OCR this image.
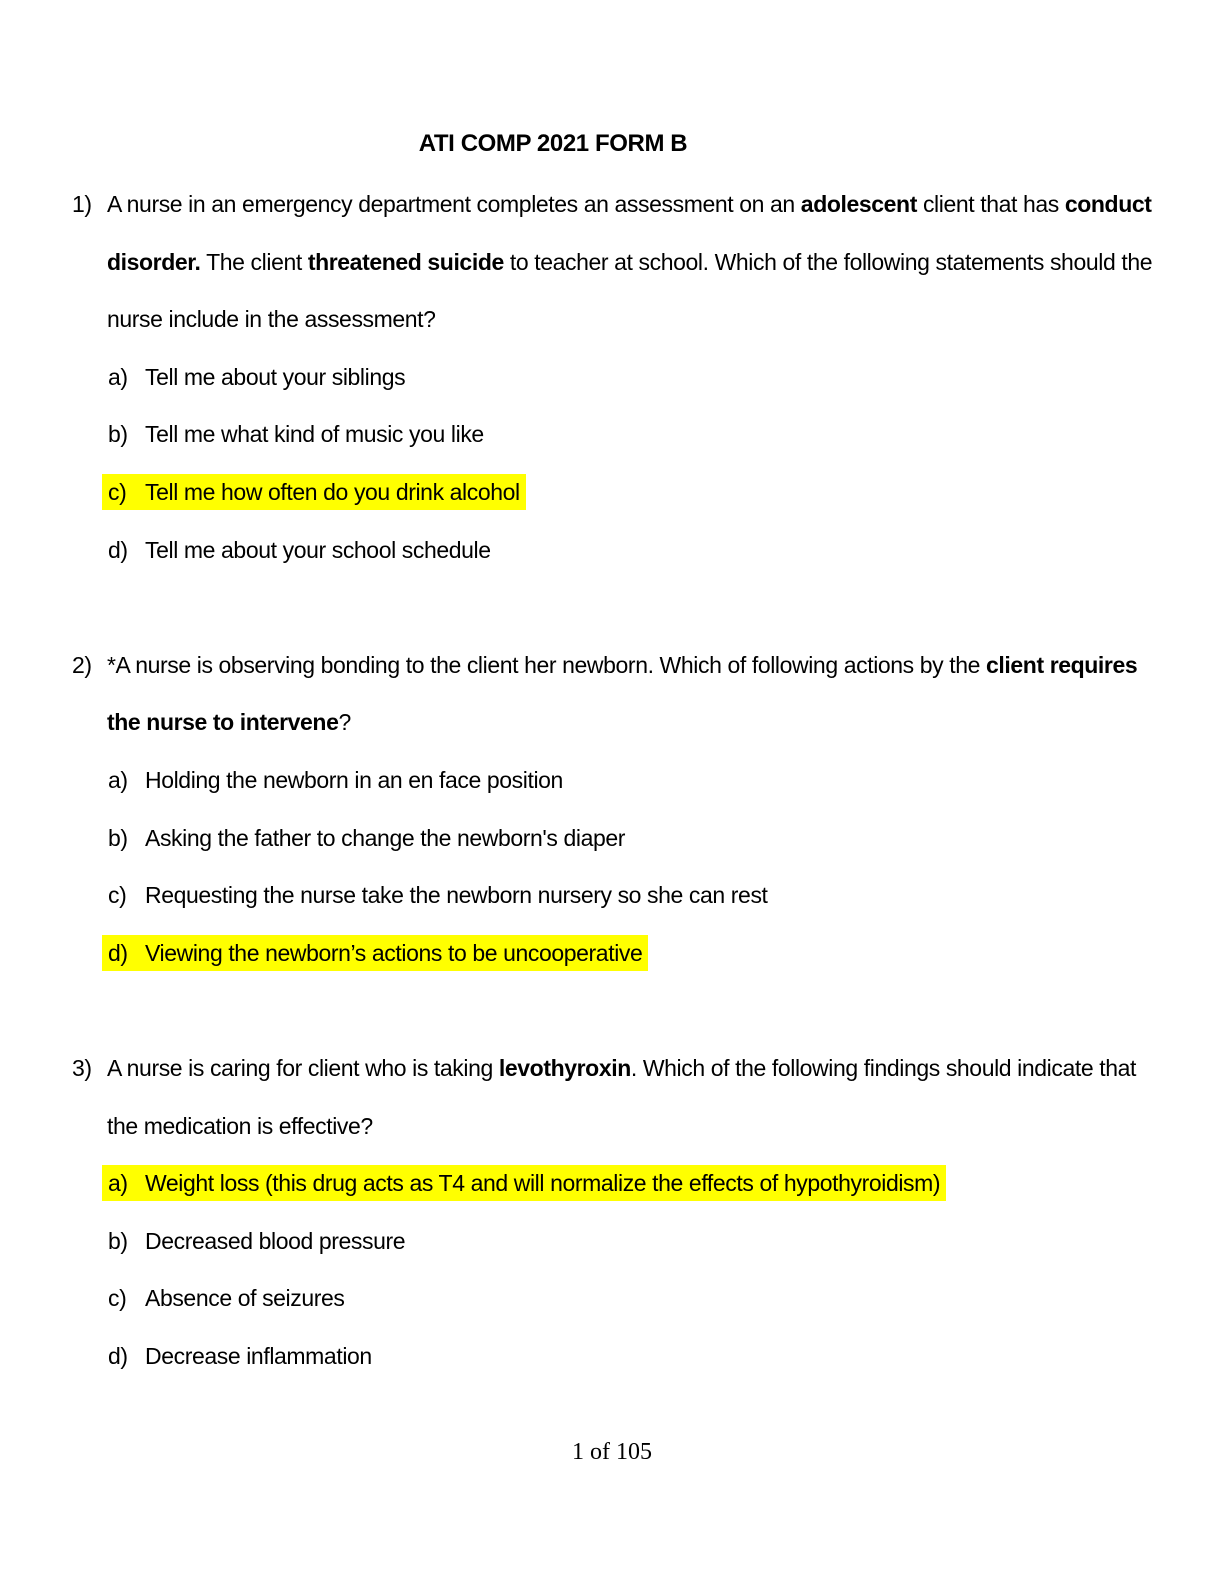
ATI COMP 2021 FORM B
1) A nurse in an emergency department completes an assessment on an adolescent client that has conduct
disorder. The client threatened suicide to teacher at school. Which of the following statements should the
nurse include in the assessment?
a) Tell me about your siblings
b) Tell me what kind of music you like
c) Tell me how often do you drink alcohol
d) Tell me about your school schedule
2) *A nurse is observing bonding to the client her newborn. Which of following actions by the client requires
the nurse to intervene?
a) Holding the newborn in an en face position
b) Asking the father to change the newborn's diaper
c) Requesting the nurse take the newborn nursery so she can rest
d) Viewing the newborn’s actions to be uncooperative
3) A nurse is caring for client who is taking levothyroxin. Which of the following findings should indicate that
the medication is effective?
a) Weight loss (this drug acts as T4 and will normalize the effects of hypothyroidism)
b) Decreased blood pressure
c) Absence of seizures
d) Decrease inflammation
1 of 105
